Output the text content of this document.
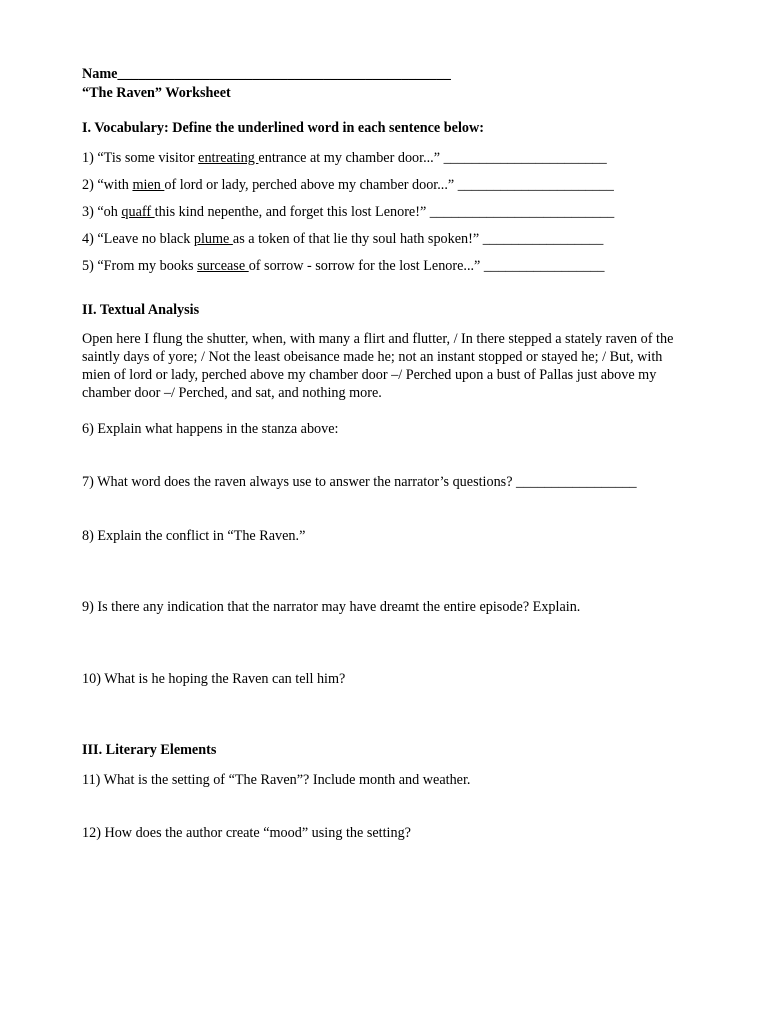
Name_______________________________________________
“The Raven” Worksheet
I. Vocabulary: Define the underlined word in each sentence below:
1) “Tis some visitor entreating entrance at my chamber door...” _______________________
2) “with mien of lord or lady, perched above my chamber door...” ______________________
3) “oh quaff this kind nepenthe, and forget this lost Lenore!” __________________________
4) “Leave no black plume as a token of that lie thy soul hath spoken!” _________________
5) “From my books surcease of sorrow - sorrow for the lost Lenore...” _________________
II. Textual Analysis
Open here I flung the shutter, when, with many a flirt and flutter, / In there stepped a stately raven of the saintly days of yore; / Not the least obeisance made he; not an instant stopped or stayed he; / But, with mien of lord or lady, perched above my chamber door –/ Perched upon a bust of Pallas just above my chamber door –/ Perched, and sat, and nothing more.
6) Explain what happens in the stanza above:
7) What word does the raven always use to answer the narrator’s questions? _________________
8) Explain the conflict in “The Raven.”
9) Is there any indication that the narrator may have dreamt the entire episode? Explain.
10) What is he hoping the Raven can tell him?
III. Literary Elements
11) What is the setting of “The Raven”? Include month and weather.
12) How does the author create “mood” using the setting?
